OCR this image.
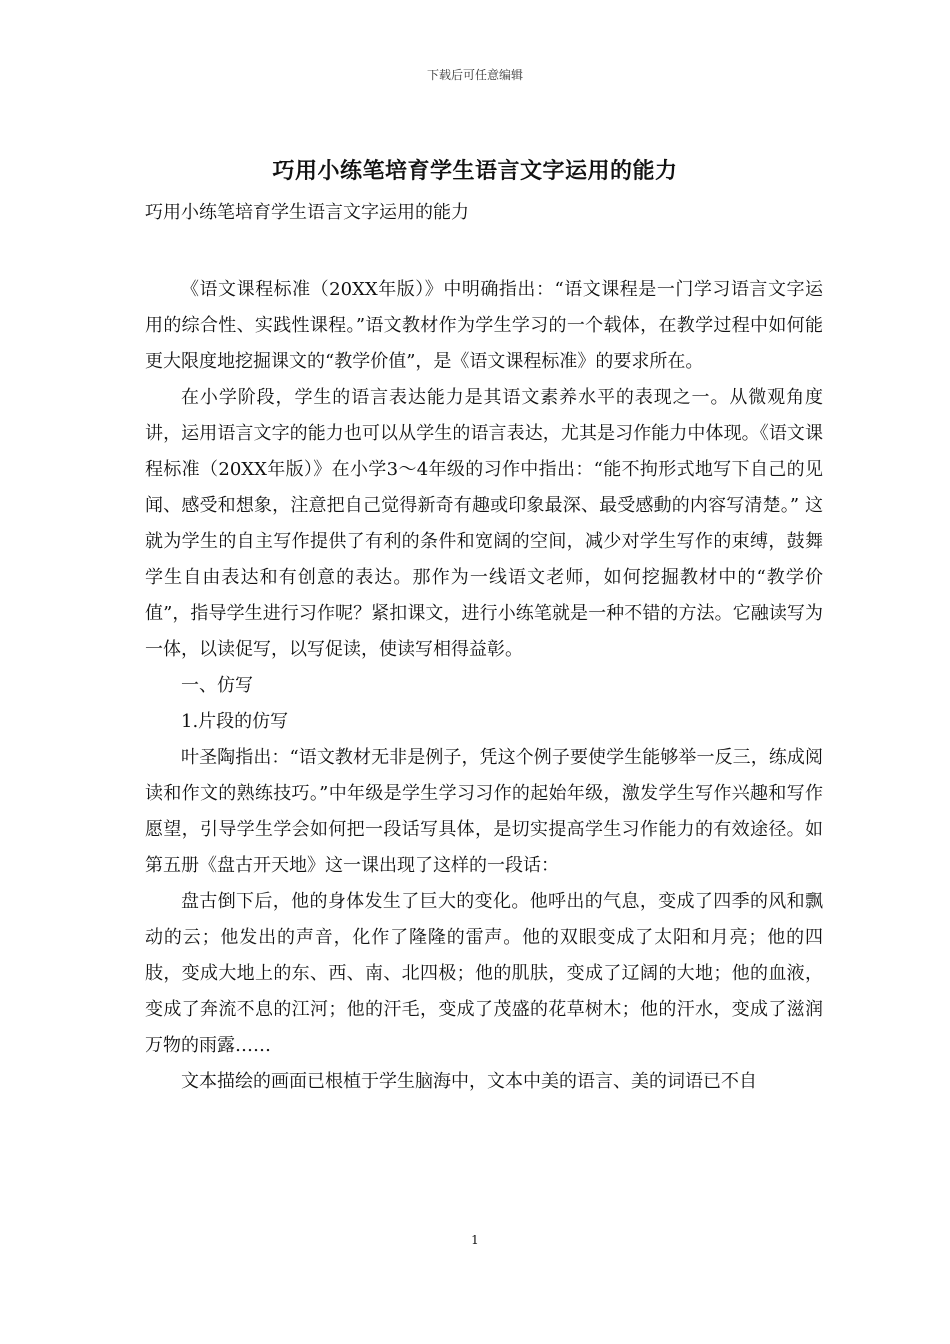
下载后可任意编辑
巧用小练笔培育学生语言文字运用的能力
巧用小练笔培育学生语言文字运用的能力

《语文课程标准（20XX年版）》中明确指出：“语文课程是一门学习语言文字运用的综合性、实践性课程。”语文教材作为学生学习的一个载体，在教学过程中如何能更大限度地挖掘课文的“教学价值”，是《语文课程标准》的要求所在。

在小学阶段，学生的语言表达能力是其语文素养水平的表现之一。从微观角度讲，运用语言文字的能力也可以从学生的语言表达，尤其是习作能力中体现。《语文课程标准（20XX年版）》在小学3～4年级的习作中指出：“能不拘形式地写下自己的见闻、感受和想象，注意把自己觉得新奇有趣或印象最深、最受感動的内容写清楚。” 这就为学生的自主写作提供了有利的条件和宽阔的空间，减少对学生写作的束缚，鼓舞学生自由表达和有创意的表达。那作为一线语文老师，如何挖掘教材中的“教学价值”，指导学生进行习作呢？紧扣课文，进行小练笔就是一种不错的方法。它融读写为一体，以读促写，以写促读，使读写相得益彰。

一、仿写

1.片段的仿写

叶圣陶指出：“语文教材无非是例子，凭这个例子要使学生能够举一反三，练成阅读和作文的熟练技巧。”中年级是学生学习习作的起始年级，激发学生写作兴趣和写作愿望，引导学生学会如何把一段话写具体，是切实提高学生习作能力的有效途径。如第五册《盘古开天地》这一课出现了这样的一段话：

盘古倒下后，他的身体发生了巨大的变化。他呼出的气息，变成了四季的风和飘动的云；他发出的声音，化作了隆隆的雷声。他的双眼变成了太阳和月亮；他的四肢，变成大地上的东、西、南、北四极；他的肌肤，变成了辽阔的大地；他的血液，变成了奔流不息的江河；他的汗毛，变成了茂盛的花草树木；他的汗水，变成了滋润万物的雨露……

文本描绘的画面已根植于学生脑海中，文本中美的语言、美的词语已不自

1
